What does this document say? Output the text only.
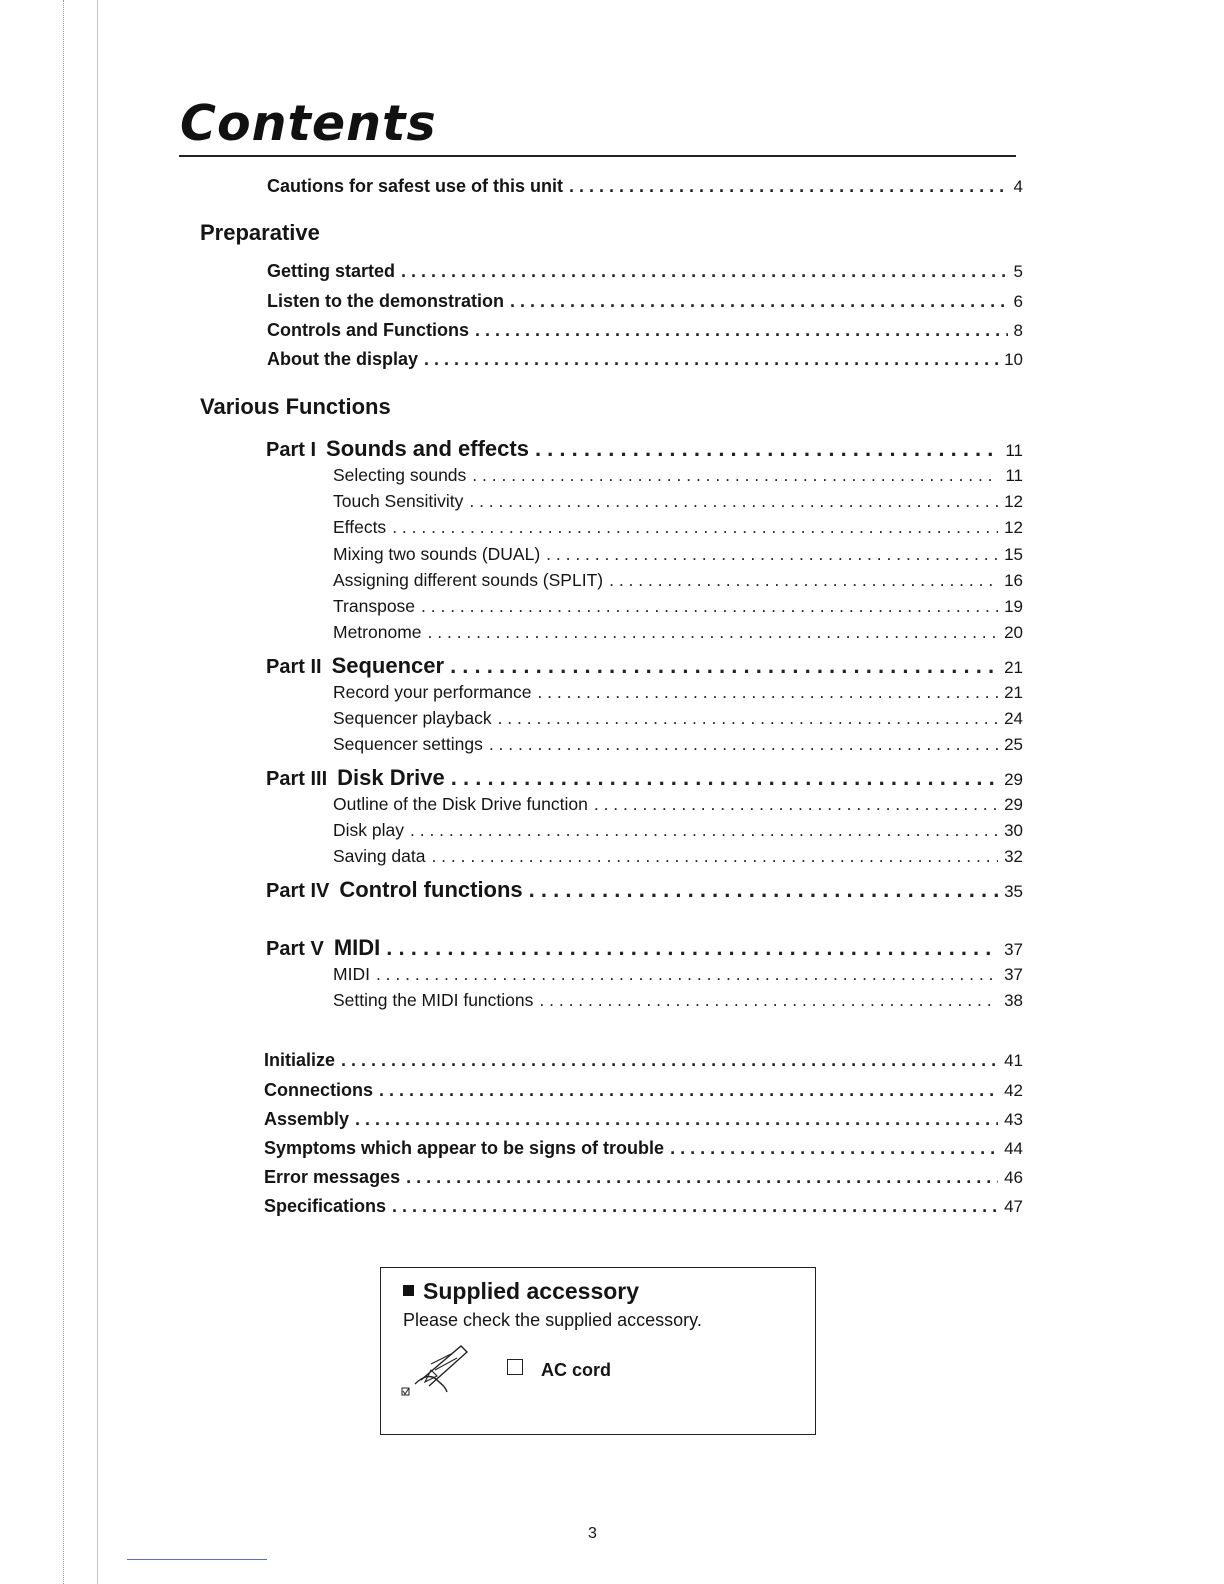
Contents
Cautions for safest use of this unit . . .	4
Preparative
Getting started . . .	5
Listen to the demonstration . . .	6
Controls and Functions . . .	8
About the display . . .	10
Various Functions
Part I Sounds and effects . . .	11
Selecting sounds . . .	11
Touch Sensitivity . . .	12
Effects . . .	12
Mixing two sounds (DUAL) . . .	15
Assigning different sounds (SPLIT) . . .	16
Transpose . . .	19
Metronome . . .	20
Part II Sequencer . . .	21
Record your performance . . .	21
Sequencer playback . . .	24
Sequencer settings . . .	25
Part III Disk Drive . . .	29
Outline of the Disk Drive function . . .	29
Disk play . . .	30
Saving data . . .	32
Part IV Control functions . . .	35
Part V MIDI . . .	37
MIDI . . .	37
Setting the MIDI functions . . .	38
Initialize . . .	41
Connections . . .	42
Assembly . . .	43
Symptoms which appear to be signs of trouble . . .	44
Error messages . . .	46
Specifications . . .	47
Supplied accessory
Please check the supplied accessory.
AC cord
3
